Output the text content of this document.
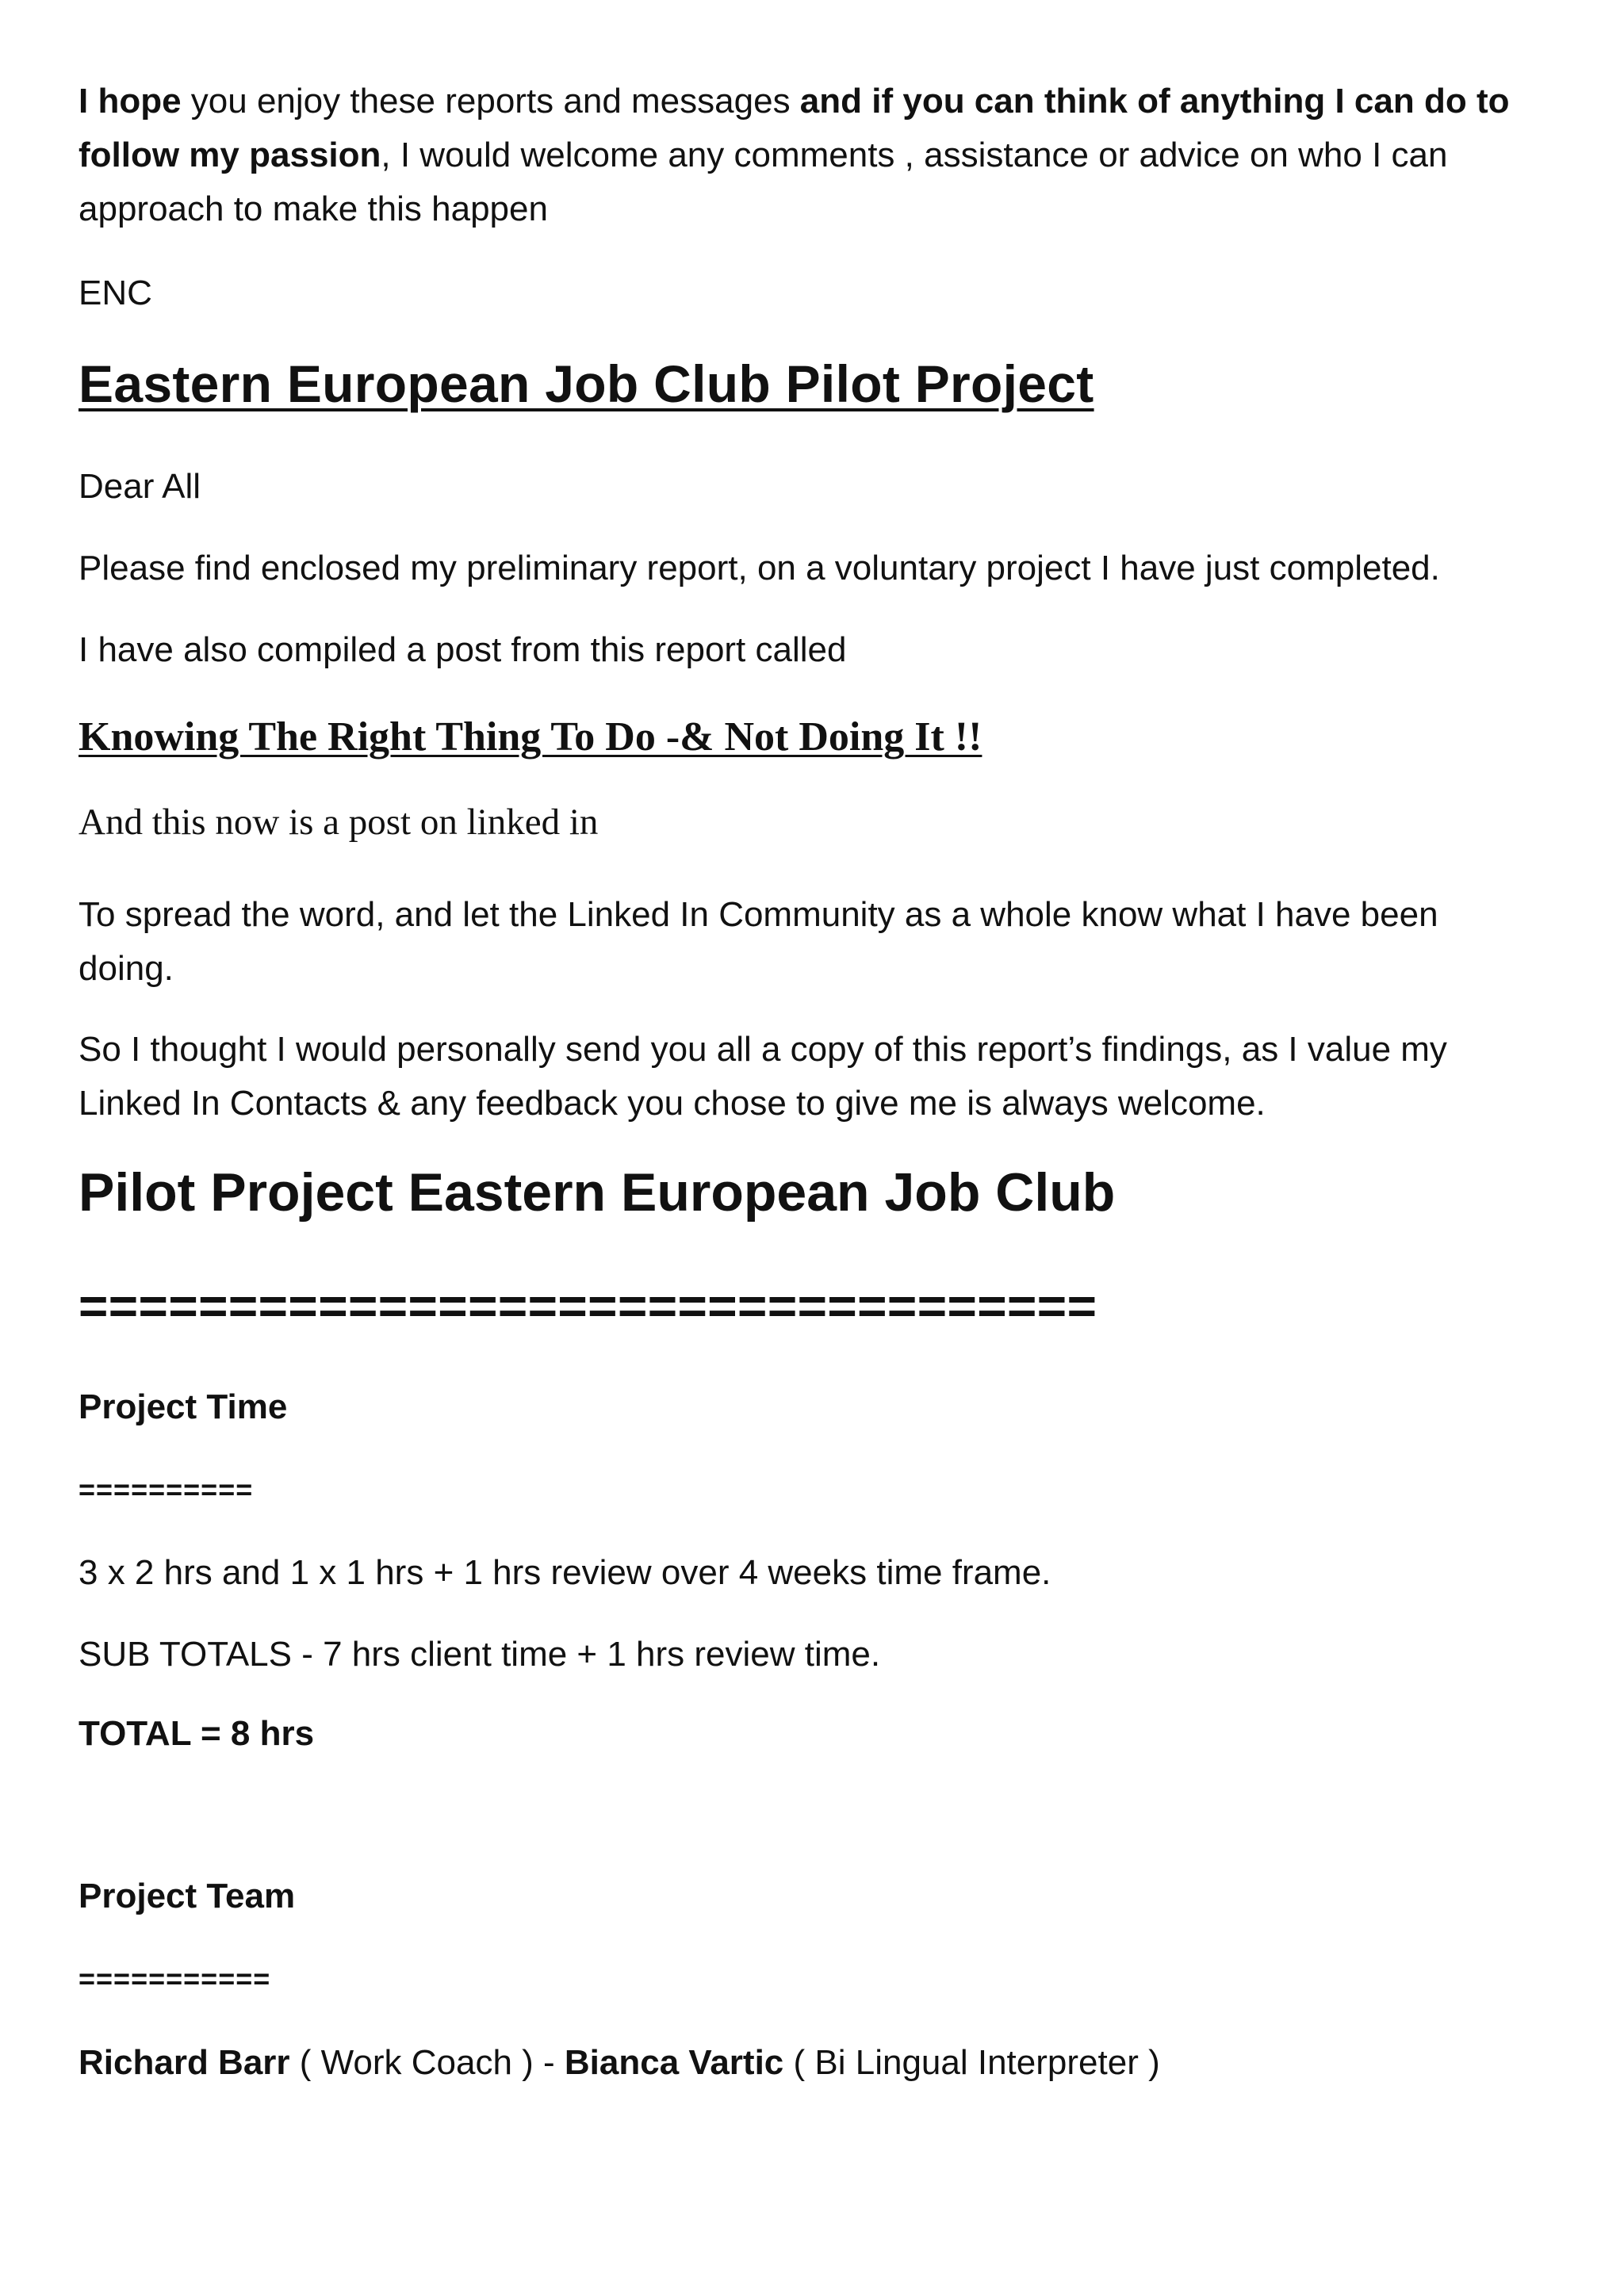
I hope you enjoy these reports and messages and if you can think of anything I can do to

follow my passion, I would welcome any comments , assistance or advice on who I can

approach to make this happen

ENC

Eastern European Job Club Pilot Project

Dear All

Please find enclosed my preliminary report, on a voluntary project I have just completed.

I have also compiled a post from this report called

Knowing The Right Thing To Do -& Not Doing It !!

And this now is a post on linked in

To spread the word, and let the Linked In Community as a whole know what I have been

doing.

So I thought I would personally send you all a copy of this report’s findings, as I value my

Linked In Contacts & any feedback you chose to give me is always welcome.

Pilot Project Eastern European Job Club
==================================
Project Time
==========

3 x 2 hrs and 1 x 1 hrs + 1 hrs review over 4 weeks time frame.

SUB TOTALS - 7 hrs client time + 1 hrs review time.

TOTAL = 8 hrs

Project Team
===========

Richard Barr ( Work Coach ) - Bianca Vartic ( Bi Lingual Interpreter )
